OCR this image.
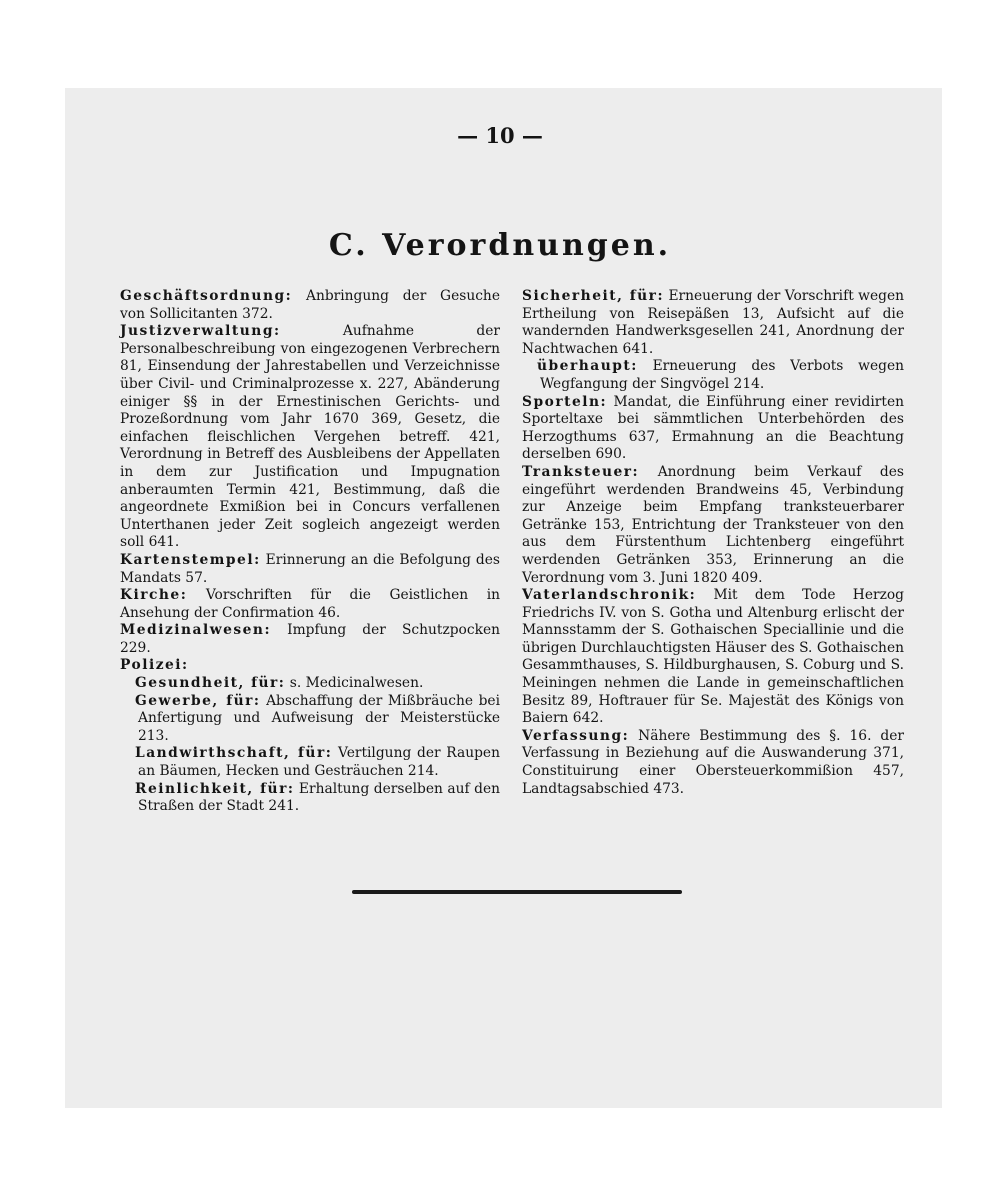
— 10 —
C. Verordnungen.

Geschäftsordnung: Anbringung der Gesuche von Sollicitanten 372.

Justizverwaltung: Aufnahme der Personalbeschreibung von eingezogenen Verbrechern 81, Einsendung der Jahrestabellen und Verzeichnisse über Civil- und Criminalprozesse x. 227, Abänderung einiger §§ in der Ernestinischen Gerichts- und Prozeßordnung vom Jahr 1670 369, Gesetz, die einfachen fleischlichen Vergehen betreff. 421, Verordnung in Betreff des Ausbleibens der Appellaten in dem zur Justification und Impugnation anberaumten Termin 421, Bestimmung, daß die angeordnete Exmißion bei in Concurs verfallenen Unterthanen jeder Zeit sogleich angezeigt werden soll 641.

Kartenstempel: Erinnerung an die Befolgung des Mandats 57.

Kirche: Vorschriften für die Geistlichen in Ansehung der Confirmation 46.

Medizinalwesen: Impfung der Schutzpocken 229.

Polizei:

Gesundheit, für: s. Medicinalwesen.

Gewerbe, für: Abschaffung der Mißbräuche bei Anfertigung und Aufweisung der Meisterstücke 213.

Landwirthschaft, für: Vertilgung der Raupen an Bäumen, Hecken und Gesträuchen 214.

Reinlichkeit, für: Erhaltung derselben auf den Straßen der Stadt 241.

Sicherheit, für: Erneuerung der Vorschrift wegen Ertheilung von Reisepäßen 13, Aufsicht auf die wandernden Handwerksgesellen 241, Anordnung der Nachtwachen 641.

überhaupt: Erneuerung des Verbots wegen Wegfangung der Singvögel 214.

Sporteln: Mandat, die Einführung einer revidirten Sporteltaxe bei sämmtlichen Unterbehörden des Herzogthums 637, Ermahnung an die Beachtung derselben 690.

Tranksteuer: Anordnung beim Verkauf des eingeführt werdenden Brandweins 45, Verbindung zur Anzeige beim Empfang tranksteuerbarer Getränke 153, Entrichtung der Tranksteuer von den aus dem Fürstenthum Lichtenberg eingeführt werdenden Getränken 353, Erinnerung an die Verordnung vom 3. Juni 1820 409.

Vaterlandschronik: Mit dem Tode Herzog Friedrichs IV. von S. Gotha und Altenburg erlischt der Mannsstamm der S. Gothaischen Speciallinie und die übrigen Durchlauchtigsten Häuser des S. Gothaischen Gesammthauses, S. Hildburghausen, S. Coburg und S. Meiningen nehmen die Lande in gemeinschaftlichen Besitz 89, Hoftrauer für Se. Majestät des Königs von Baiern 642.

Verfassung: Nähere Bestimmung des §. 16. der Verfassung in Beziehung auf die Auswanderung 371, Constituirung einer Obersteuerkommißion 457, Landtagsabschied 473.
